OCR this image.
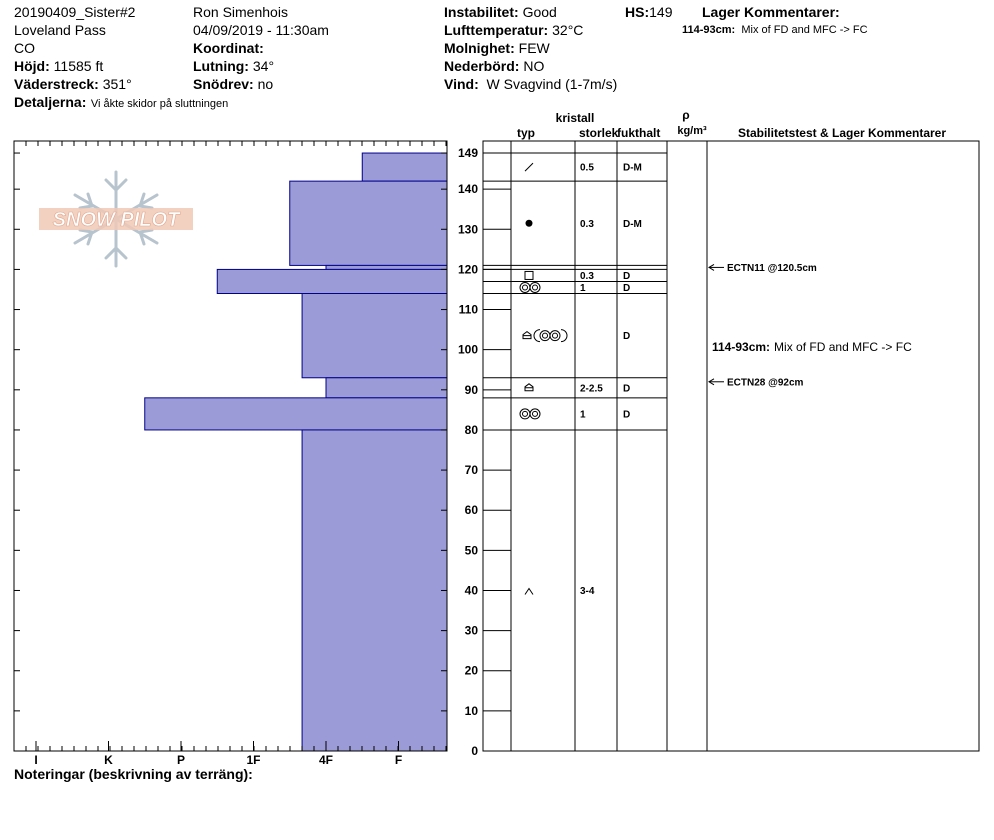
20190409_Sister#2
Loveland Pass
CO
Höjd: 11585 ft
Väderstreck: 351°
Detaljerna: Vi åkte skidor på sluttningen
Ron Simenhois
04/09/2019 - 11:30am
Koordinat:
Lutning: 34°
Snödrev: no
Instabilitet: Good
Lufttemperatur: 32°C
Molnighet: FEW
Nederbörd: NO
Vind: W Svagvind (1-7m/s)
HS:149 Lager Kommentarer:
114-93cm: Mix of FD and MFC -> FC
SNOW PILOT
I	K	P	1F	4F	F
0
10
20
30
40
50
60
70
80
90
100
110
120
130
140
149
0.5	D-M
0.3	D-M
0.3	D
1	D
D
2-2.5 D
1	D
3-4
kristall
typ	storlek
fukthalt
ρ
kg/m³	Stabilitetstest & Lager Kommentarer
ECTN11 @120.5cm
ECTN28 @92cm
114-93cm: Mix of FD and MFC -> FC
Noteringar (beskrivning av terräng):
